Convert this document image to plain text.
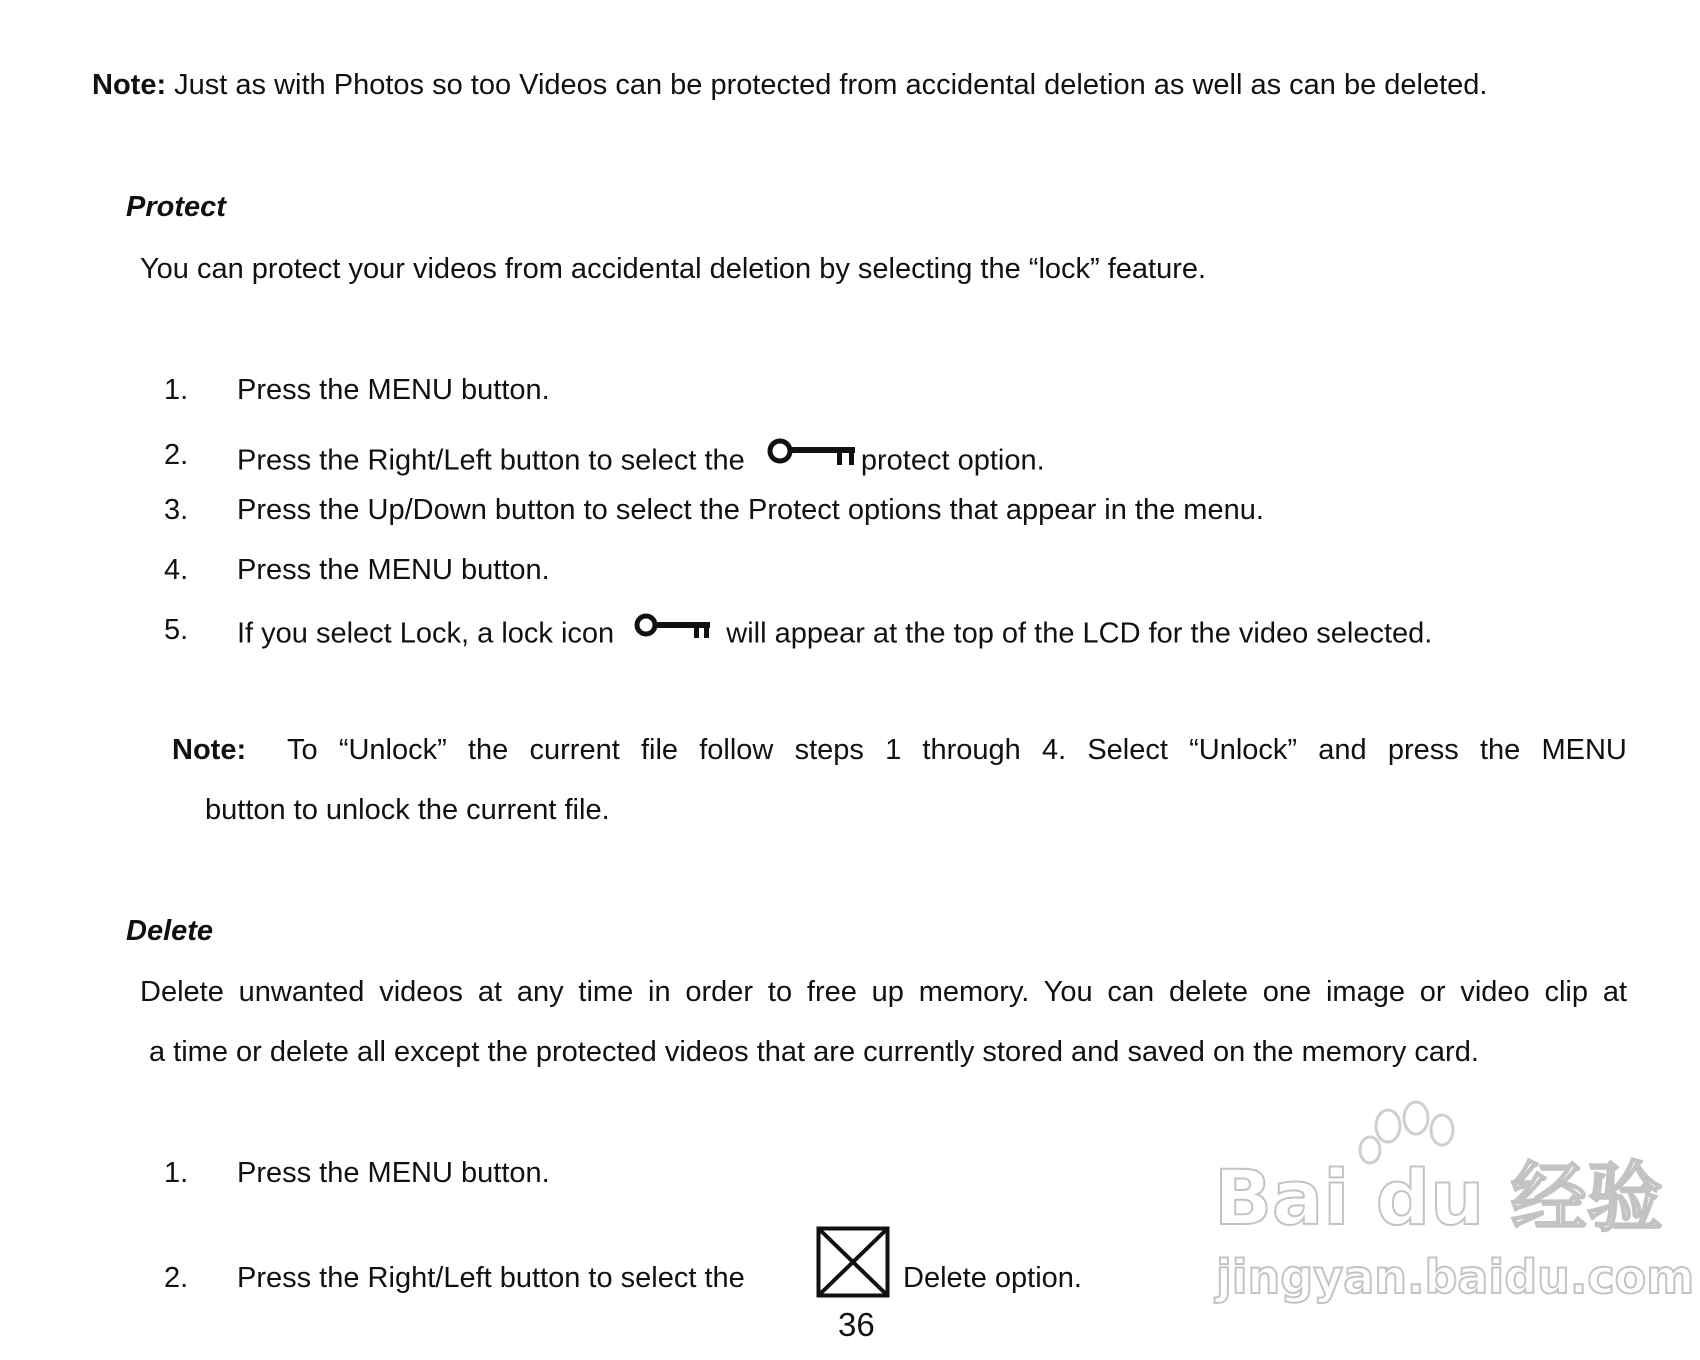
Note: Just as with Photos so too Videos can be protected from accidental deletion as well as can be deleted.
Protect
You can protect your videos from accidental deletion by selecting the “lock” feature.
1. Press the MENU button.
2. Press the Right/Left button to select the	protect option.
3. Press the Up/Down button to select the Protect options that appear in the menu.
4. Press the MENU button.
5. If you select Lock, a lock icon	will appear at the top of the LCD for the video selected.
Note: To “Unlock” the current file follow steps 1 through 4. Select “Unlock” and press the MENU
button to unlock the current file.
Delete
Delete unwanted videos at any time in order to free up memory. You can delete one image or video clip at
a time or delete all except the protected videos that are currently stored and saved on the memory card.
1. Press the MENU button.
2. Press the Right/Left button to select the	Delete option.
36
Bai du 经验
jingyan.baidu.com
